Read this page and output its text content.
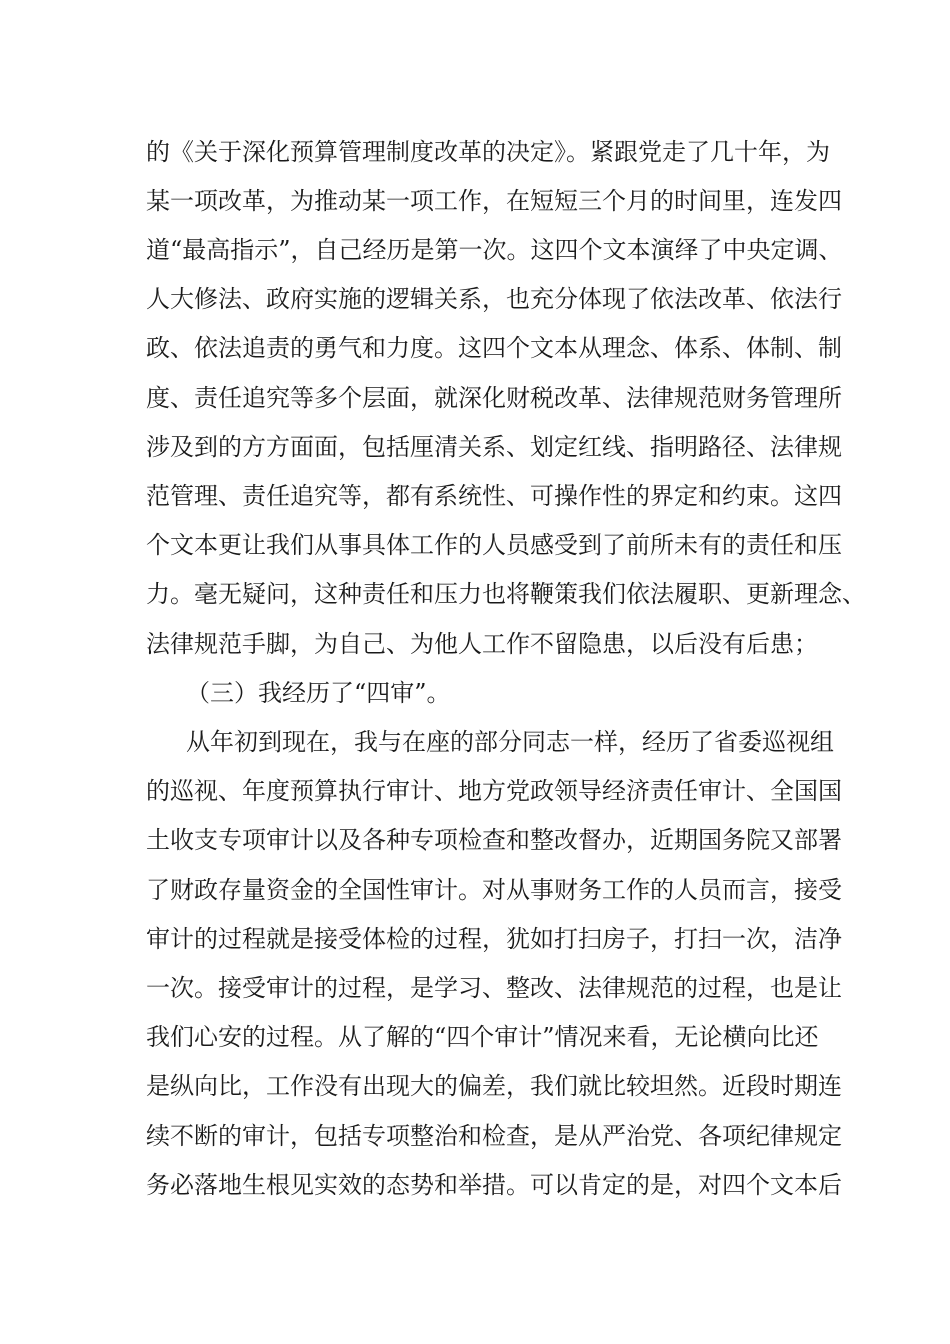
的《关于深化预算管理制度改革的决定》。紧跟党走了几十年，为
某一项改革，为推动某一项工作，在短短三个月的时间里，连发四
道“最高指示”，自己经历是第一次。这四个文本演绎了中央定调、
人大修法、政府实施的逻辑关系，也充分体现了依法改革、依法行
政、依法追责的勇气和力度。这四个文本从理念、体系、体制、制
度、责任追究等多个层面，就深化财税改革、法律规范财务管理所
涉及到的方方面面，包括厘清关系、划定红线、指明路径、法律规
范管理、责任追究等，都有系统性、可操作性的界定和约束。这四
个文本更让我们从事具体工作的人员感受到了前所未有的责任和压
力。毫无疑问，这种责任和压力也将鞭策我们依法履职、更新理念、
法律规范手脚，为自己、为他人工作不留隐患，以后没有后患；
（三）我经历了“四审”。
从年初到现在，我与在座的部分同志一样，经历了省委巡视组
的巡视、年度预算执行审计、地方党政领导经济责任审计、全国国
土收支专项审计以及各种专项检查和整改督办，近期国务院又部署
了财政存量资金的全国性审计。对从事财务工作的人员而言，接受
审计的过程就是接受体检的过程，犹如打扫房子，打扫一次，洁净
一次。接受审计的过程，是学习、整改、法律规范的过程，也是让
我们心安的过程。从了解的“四个审计”情况来看，无论横向比还
是纵向比，工作没有出现大的偏差，我们就比较坦然。近段时期连
续不断的审计，包括专项整治和检查，是从严治党、各项纪律规定
务必落地生根见实效的态势和举措。可以肯定的是，对四个文本后
